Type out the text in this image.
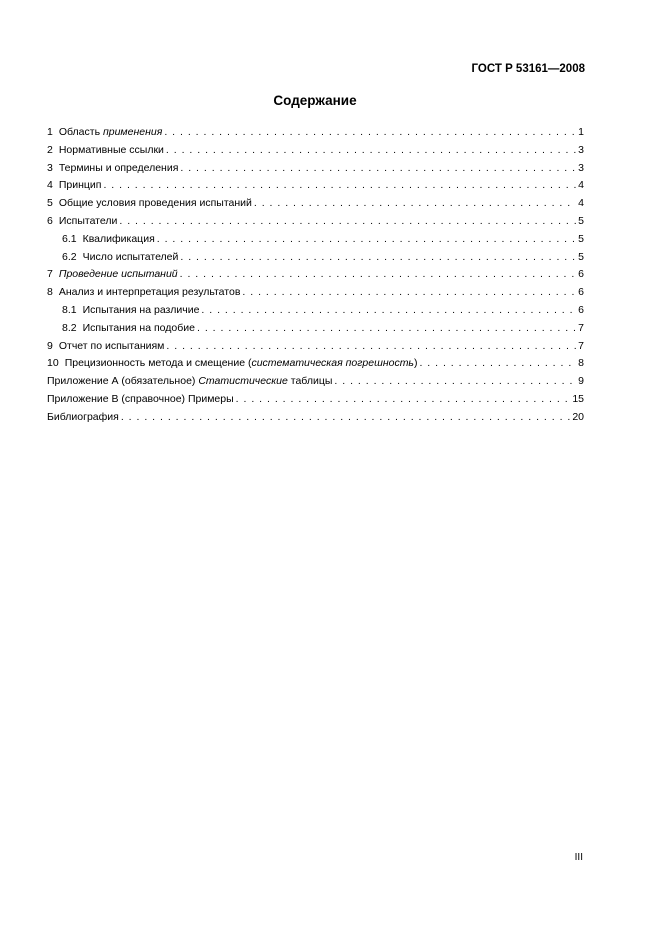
ГОСТ Р 53161—2008
Содержание
1 Область применения . . .	1
2 Нормативные ссылки . . .	3
3 Термины и определения . . .	3
4 Принцип . . .	4
5 Общие условия проведения испытаний . . .	4
6 Испытатели . . .	5
6.1 Квалификация . . .	5
6.2 Число испытателей . . .	5
7 Проведение испытаний . . .	6
8 Анализ и интерпретация результатов . . .	6
8.1 Испытания на различие . . .	6
8.2 Испытания на подобие . . .	7
9 Отчет по испытаниям . . .	7
10 Прецизионность метода и смещение (систематическая погрешность) . . .	8
Приложение А (обязательное) Статистические таблицы . . .	9
Приложение В (справочное) Примеры . . .	15
Библиография . . .	20
III
